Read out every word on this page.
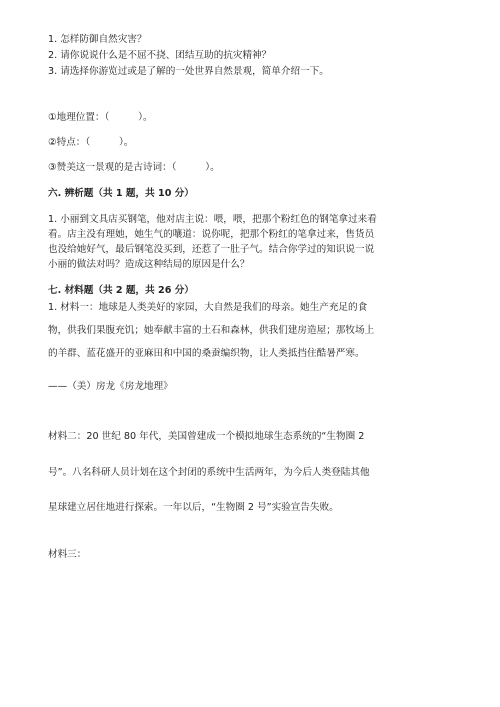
1. 怎样防御自然灾害？
2. 请你说说什么是不屈不挠、团结互助的抗灾精神？
3. 请选择你游览过或是了解的一处世界自然景观，简单介绍一下。
①地理位置：（　　　）。
②特点：（　　　）。
③赞美这一景观的是古诗词：（　　　）。
六. 辨析题（共 1 题，共 10 分）
1. 小丽到文具店买钢笔，他对店主说：喂，喂，把那个粉红色的钢笔拿过来看
看。店主没有理她，她生气的嚷道：说你呢，把那个粉红的笔拿过来，售货员
也没给她好气，最后钢笔没买到，还惹了一肚子气。结合你学过的知识说一说
小丽的做法对吗？造成这种结局的原因是什么？
七. 材料题（共 2 题，共 26 分）
1. 材料一：地球是人类美好的家园，大自然是我们的母亲。她生产充足的食
物，供我们果腹充饥；她奉献丰富的土石和森林，供我们建房造屋；那牧场上
的羊群、蓝花盛开的亚麻田和中国的桑蚕编织物，让人类抵挡住酷暑严寒。
——（美）房龙《房龙地理》
材料二：20 世纪 80 年代，美国曾建成一个模拟地球生态系统的“生物圈 2
号”。八名科研人员计划在这个封闭的系统中生活两年，为今后人类登陆其他
星球建立居住地进行探索。一年以后，“生物圈 2 号”实验宣告失败。
材料三：
